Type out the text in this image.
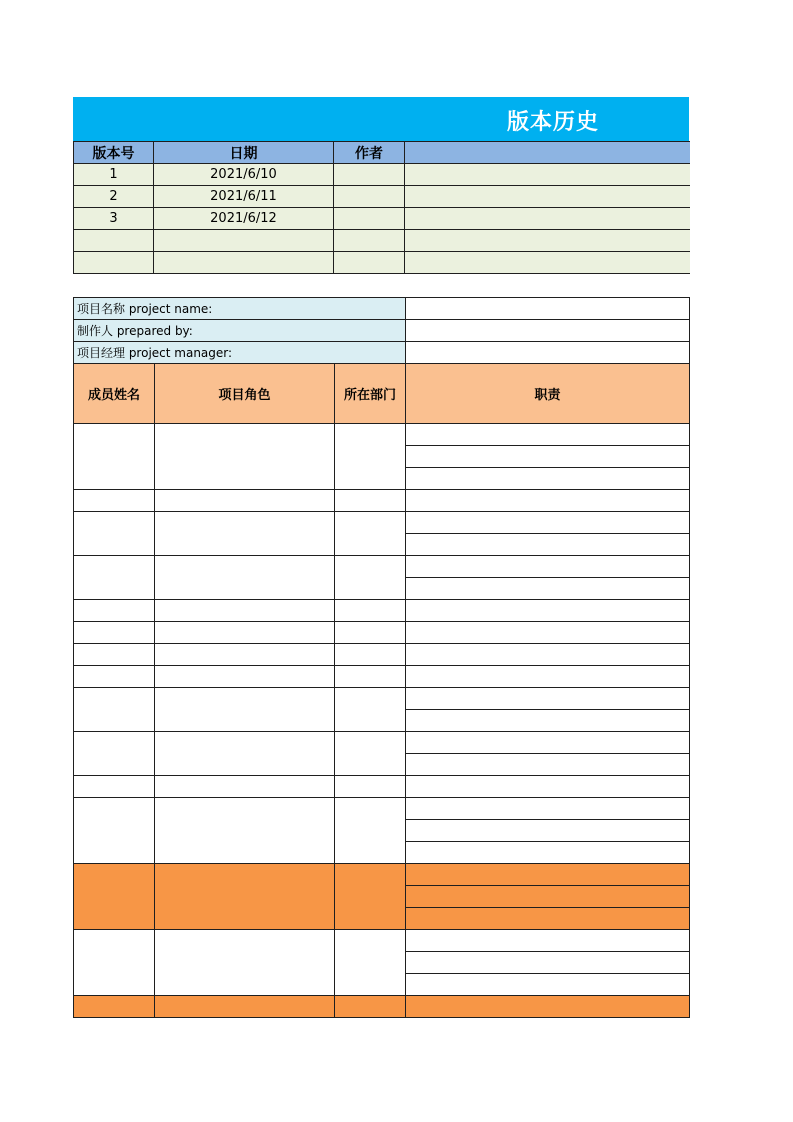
版本历史
版本号	日期	作者	
1	2021/6/10		
2	2021/6/11		
3	2021/6/12		

项目名称 project name:			
制作人 prepared by:			
项目经理 project manager:			
成员姓名	项目角色	所在部门	职责
